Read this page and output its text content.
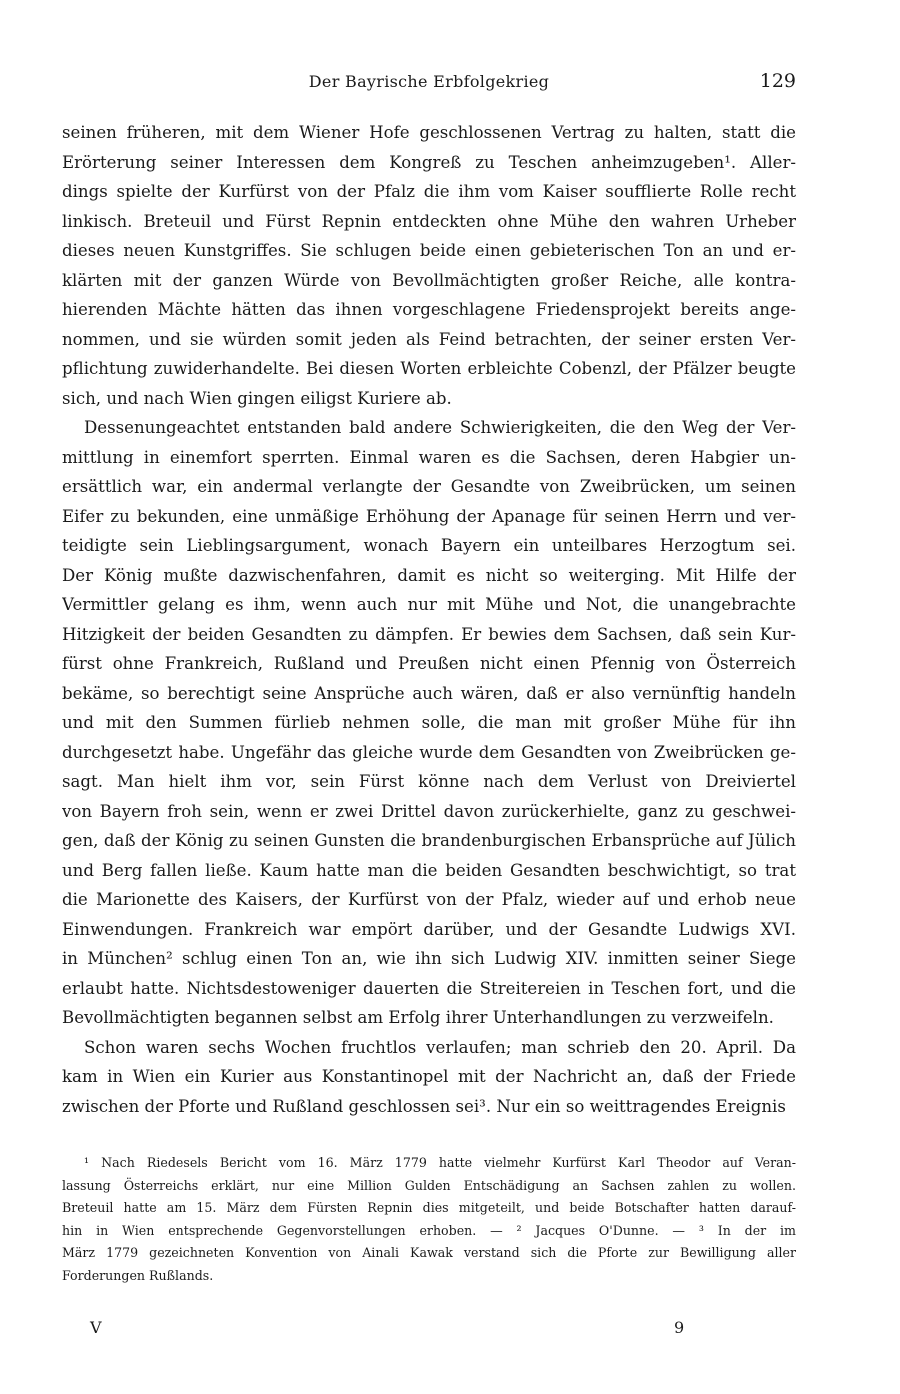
Der Bayrische Erbfolgekrieg	129
seinen früheren, mit dem Wiener Hofe geschlossenen Vertrag zu halten, statt die
Erörterung seiner Interessen dem Kongreß zu Teschen anheimzugeben¹. Aller-
dings spielte der Kurfürst von der Pfalz die ihm vom Kaiser soufflierte Rolle recht
linkisch. Breteuil und Fürst Repnin entdeckten ohne Mühe den wahren Urheber
dieses neuen Kunstgriffes. Sie schlugen beide einen gebieterischen Ton an und er-
klärten mit der ganzen Würde von Bevollmächtigten großer Reiche, alle kontra-
hierenden Mächte hätten das ihnen vorgeschlagene Friedensprojekt bereits ange-
nommen, und sie würden somit jeden als Feind betrachten, der seiner ersten Ver-
pflichtung zuwiderhandelte. Bei diesen Worten erbleichte Cobenzl, der Pfälzer beugte
sich, und nach Wien gingen eiligst Kuriere ab.
Dessenungeachtet entstanden bald andere Schwierigkeiten, die den Weg der Ver-
mittlung in einemfort sperrten. Einmal waren es die Sachsen, deren Habgier un-
ersättlich war, ein andermal verlangte der Gesandte von Zweibrücken, um seinen
Eifer zu bekunden, eine unmäßige Erhöhung der Apanage für seinen Herrn und ver-
teidigte sein Lieblingsargument, wonach Bayern ein unteilbares Herzogtum sei.
Der König mußte dazwischenfahren, damit es nicht so weiterging. Mit Hilfe der
Vermittler gelang es ihm, wenn auch nur mit Mühe und Not, die unangebrachte
Hitzigkeit der beiden Gesandten zu dämpfen. Er bewies dem Sachsen, daß sein Kur-
fürst ohne Frankreich, Rußland und Preußen nicht einen Pfennig von Österreich
bekäme, so berechtigt seine Ansprüche auch wären, daß er also vernünftig handeln
und mit den Summen fürlieb nehmen solle, die man mit großer Mühe für ihn
durchgesetzt habe. Ungefähr das gleiche wurde dem Gesandten von Zweibrücken ge-
sagt. Man hielt ihm vor, sein Fürst könne nach dem Verlust von Dreiviertel
von Bayern froh sein, wenn er zwei Drittel davon zurückerhielte, ganz zu geschwei-
gen, daß der König zu seinen Gunsten die brandenburgischen Erbansprüche auf Jülich
und Berg fallen ließe. Kaum hatte man die beiden Gesandten beschwichtigt, so trat
die Marionette des Kaisers, der Kurfürst von der Pfalz, wieder auf und erhob neue
Einwendungen. Frankreich war empört darüber, und der Gesandte Ludwigs XVI.
in München² schlug einen Ton an, wie ihn sich Ludwig XIV. inmitten seiner Siege
erlaubt hatte. Nichtsdestoweniger dauerten die Streitereien in Teschen fort, und die
Bevollmächtigten begannen selbst am Erfolg ihrer Unterhandlungen zu verzweifeln.
Schon waren sechs Wochen fruchtlos verlaufen; man schrieb den 20. April. Da
kam in Wien ein Kurier aus Konstantinopel mit der Nachricht an, daß der Friede
zwischen der Pforte und Rußland geschlossen sei³. Nur ein so weittragendes Ereignis
¹ Nach Riedesels Bericht vom 16. März 1779 hatte vielmehr Kurfürst Karl Theodor auf Veran-
lassung Österreichs erklärt, nur eine Million Gulden Entschädigung an Sachsen zahlen zu wollen.
Breteuil hatte am 15. März dem Fürsten Repnin dies mitgeteilt, und beide Botschafter hatten darauf-
hin in Wien entsprechende Gegenvorstellungen erhoben. — ² Jacques O'Dunne. — ³ In der im
März 1779 gezeichneten Konvention von Ainali Kawak verstand sich die Pforte zur Bewilligung aller
Forderungen Rußlands.
V	9
